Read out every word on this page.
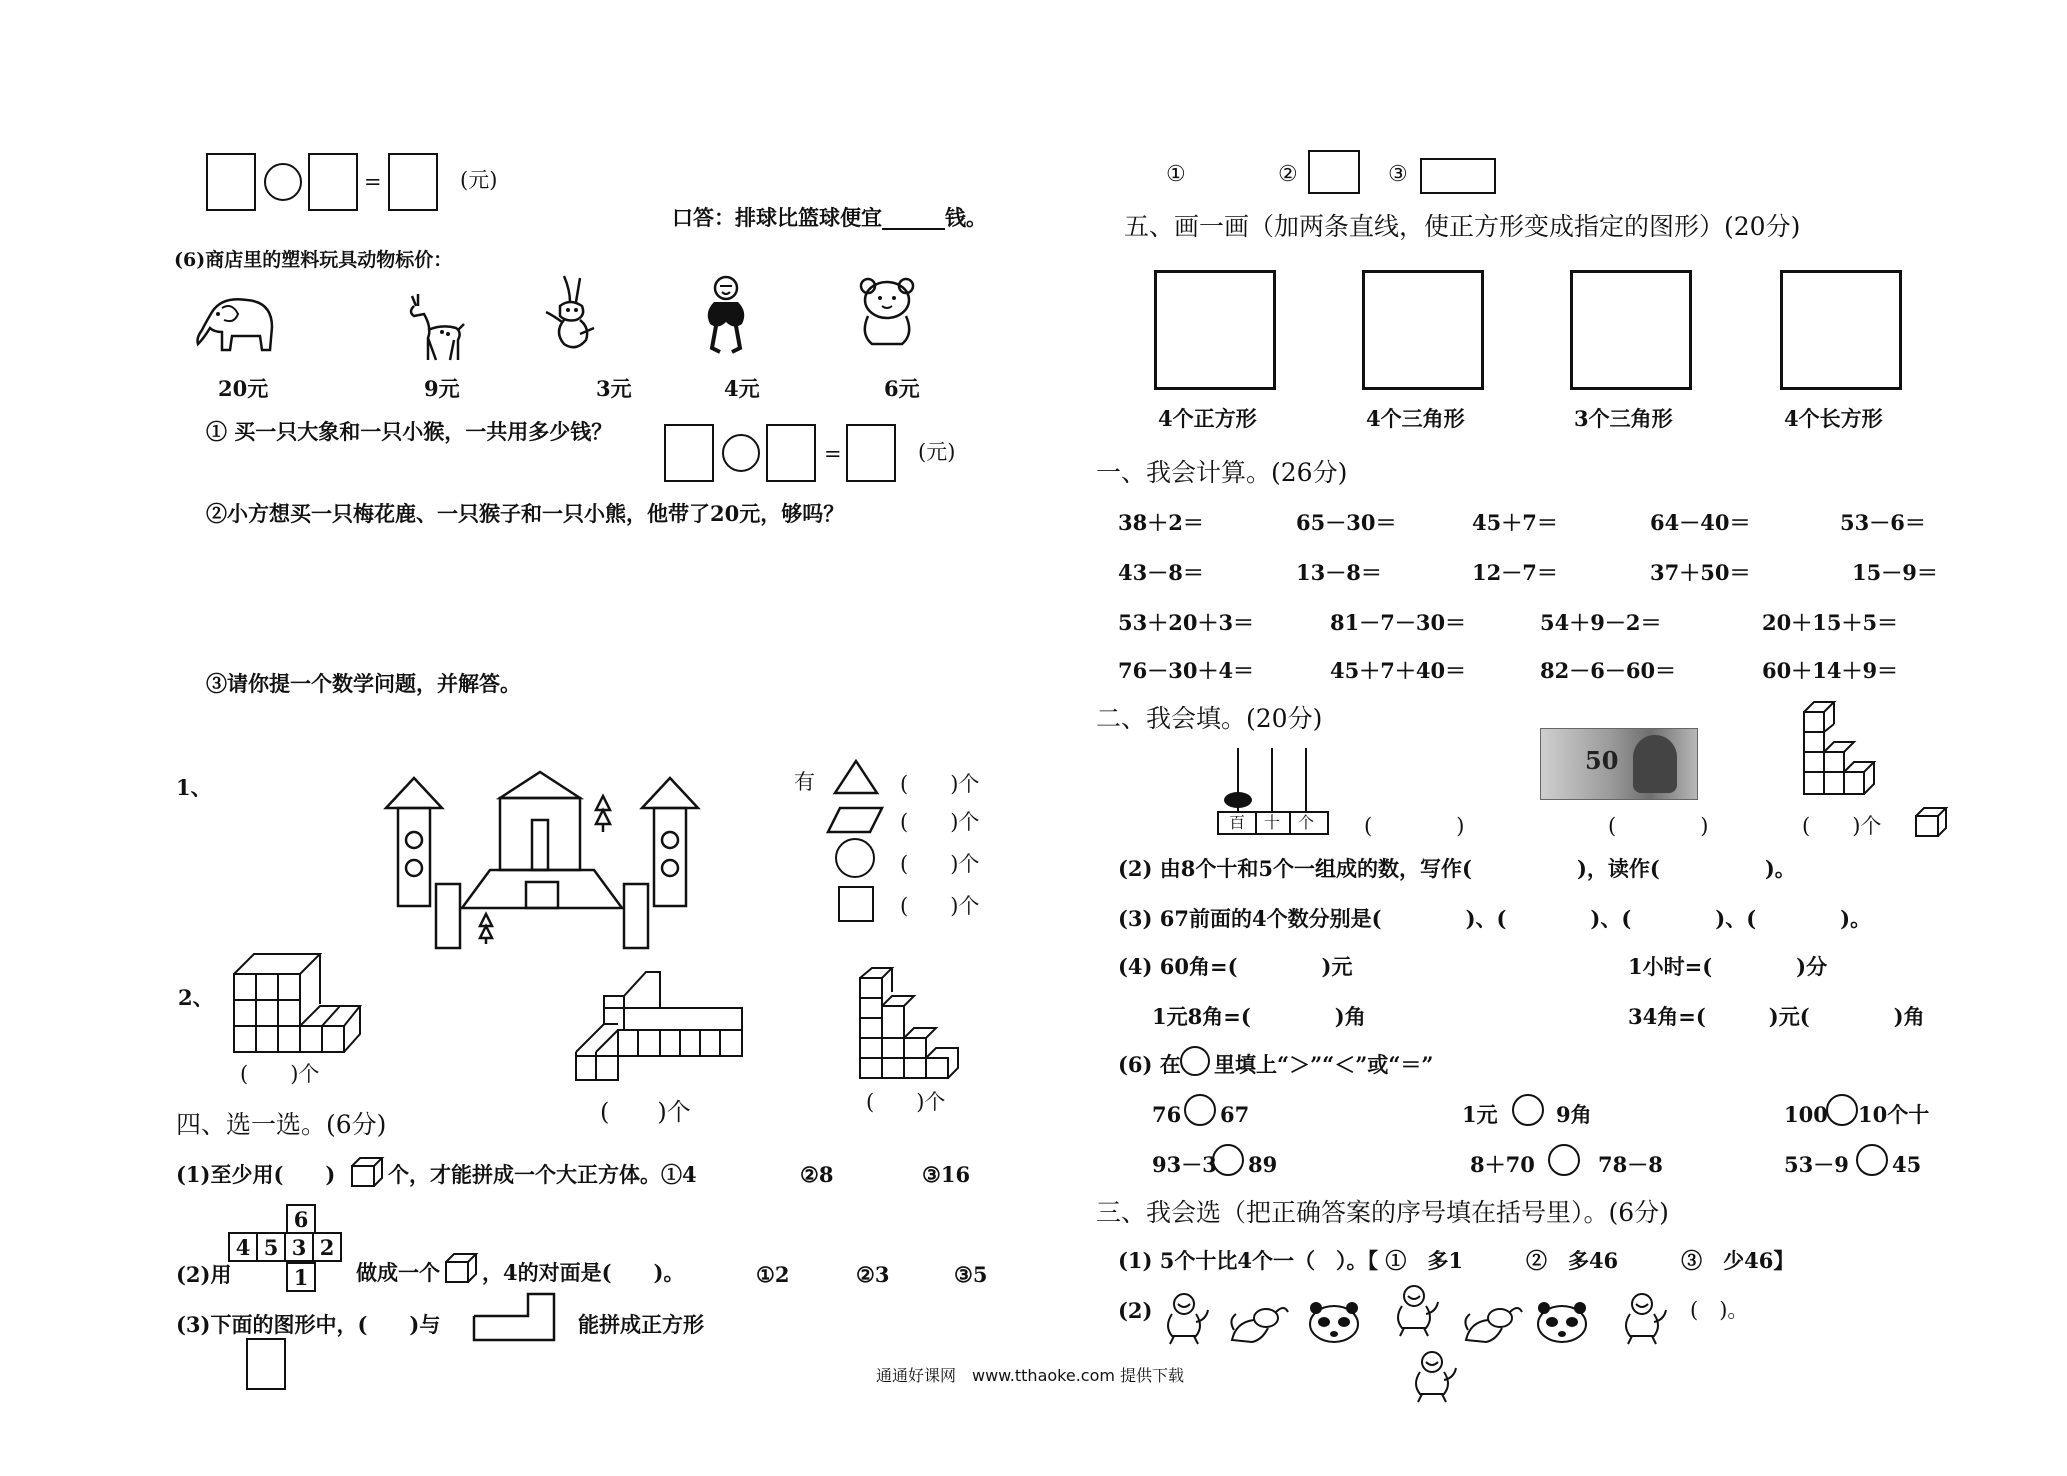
=	(元)
口答：排球比篮球便宜______钱。
(6)商店里的塑料玩具动物标价：
20元	9元	3元	4元	6元
① 买一只大象和一只小猴，一共用多少钱？
=	(元)
②小方想买一只梅花鹿、一只猴子和一只小熊，他带了20元，够吗？
③请你提一个数学问题，并解答。
1、	有	(　　)个
(　　)个
(　　)个
(　　)个
2、
(　　)个
(　　)个	(　　)个
四、选一选。(6分)
(1)至少用(　　)	个，才能拼成一个大正方体。①4	②8	③16
(2)用
6
4 5 3 2
1	做成一个 ，4的对面是(　　)。	①2	②3	③5
(3)下面的图形中，(　　)与	能拼成正方形
①	②	③
五、画一画（加两条直线，使正方形变成指定的图形）(20分)
4个正方形	4个三角形	3个三角形	4个长方形
一、我会计算。(26分)
38＋2＝	65－30＝	45＋7＝	64－40＝	53－6＝
43－8＝	13－8＝	12－7＝	37＋50＝	15－9＝
53＋20＋3＝	81－7－30＝	54＋9－2＝	20＋15＋5＝
76－30＋4＝	45＋7＋40＝	82－6－60＝	60＋14＋9＝
二、我会填。(20分)
百 十 个
50
(　　　　)	(　　　　)	(　　)个
(2) 由8个十和5个一组成的数，写作(　　　　　)，读作(　　　　　)。
(3) 67前面的4个数分别是(　　　　)、(　　　　)、(　　　　)、(　　　　)。
(4) 60角=(　　　　)元	1小时=(　　　　)分
1元8角=(　　　　)角	34角=(　　　)元(　　　　)角
(6) 在 里填上“＞”“＜”或“＝”
76 67	1元	9角	100 10个十
93－3 89	8＋70	78－8	53－9 45
三、我会选（把正确答案的序号填在括号里）。(6分)
(1) 5个十比4个一（　）。【 ①　多1　　　②　多46　　　③　少46】
(2)	(　)。
通通好课网　www.tthaoke.com 提供下载
